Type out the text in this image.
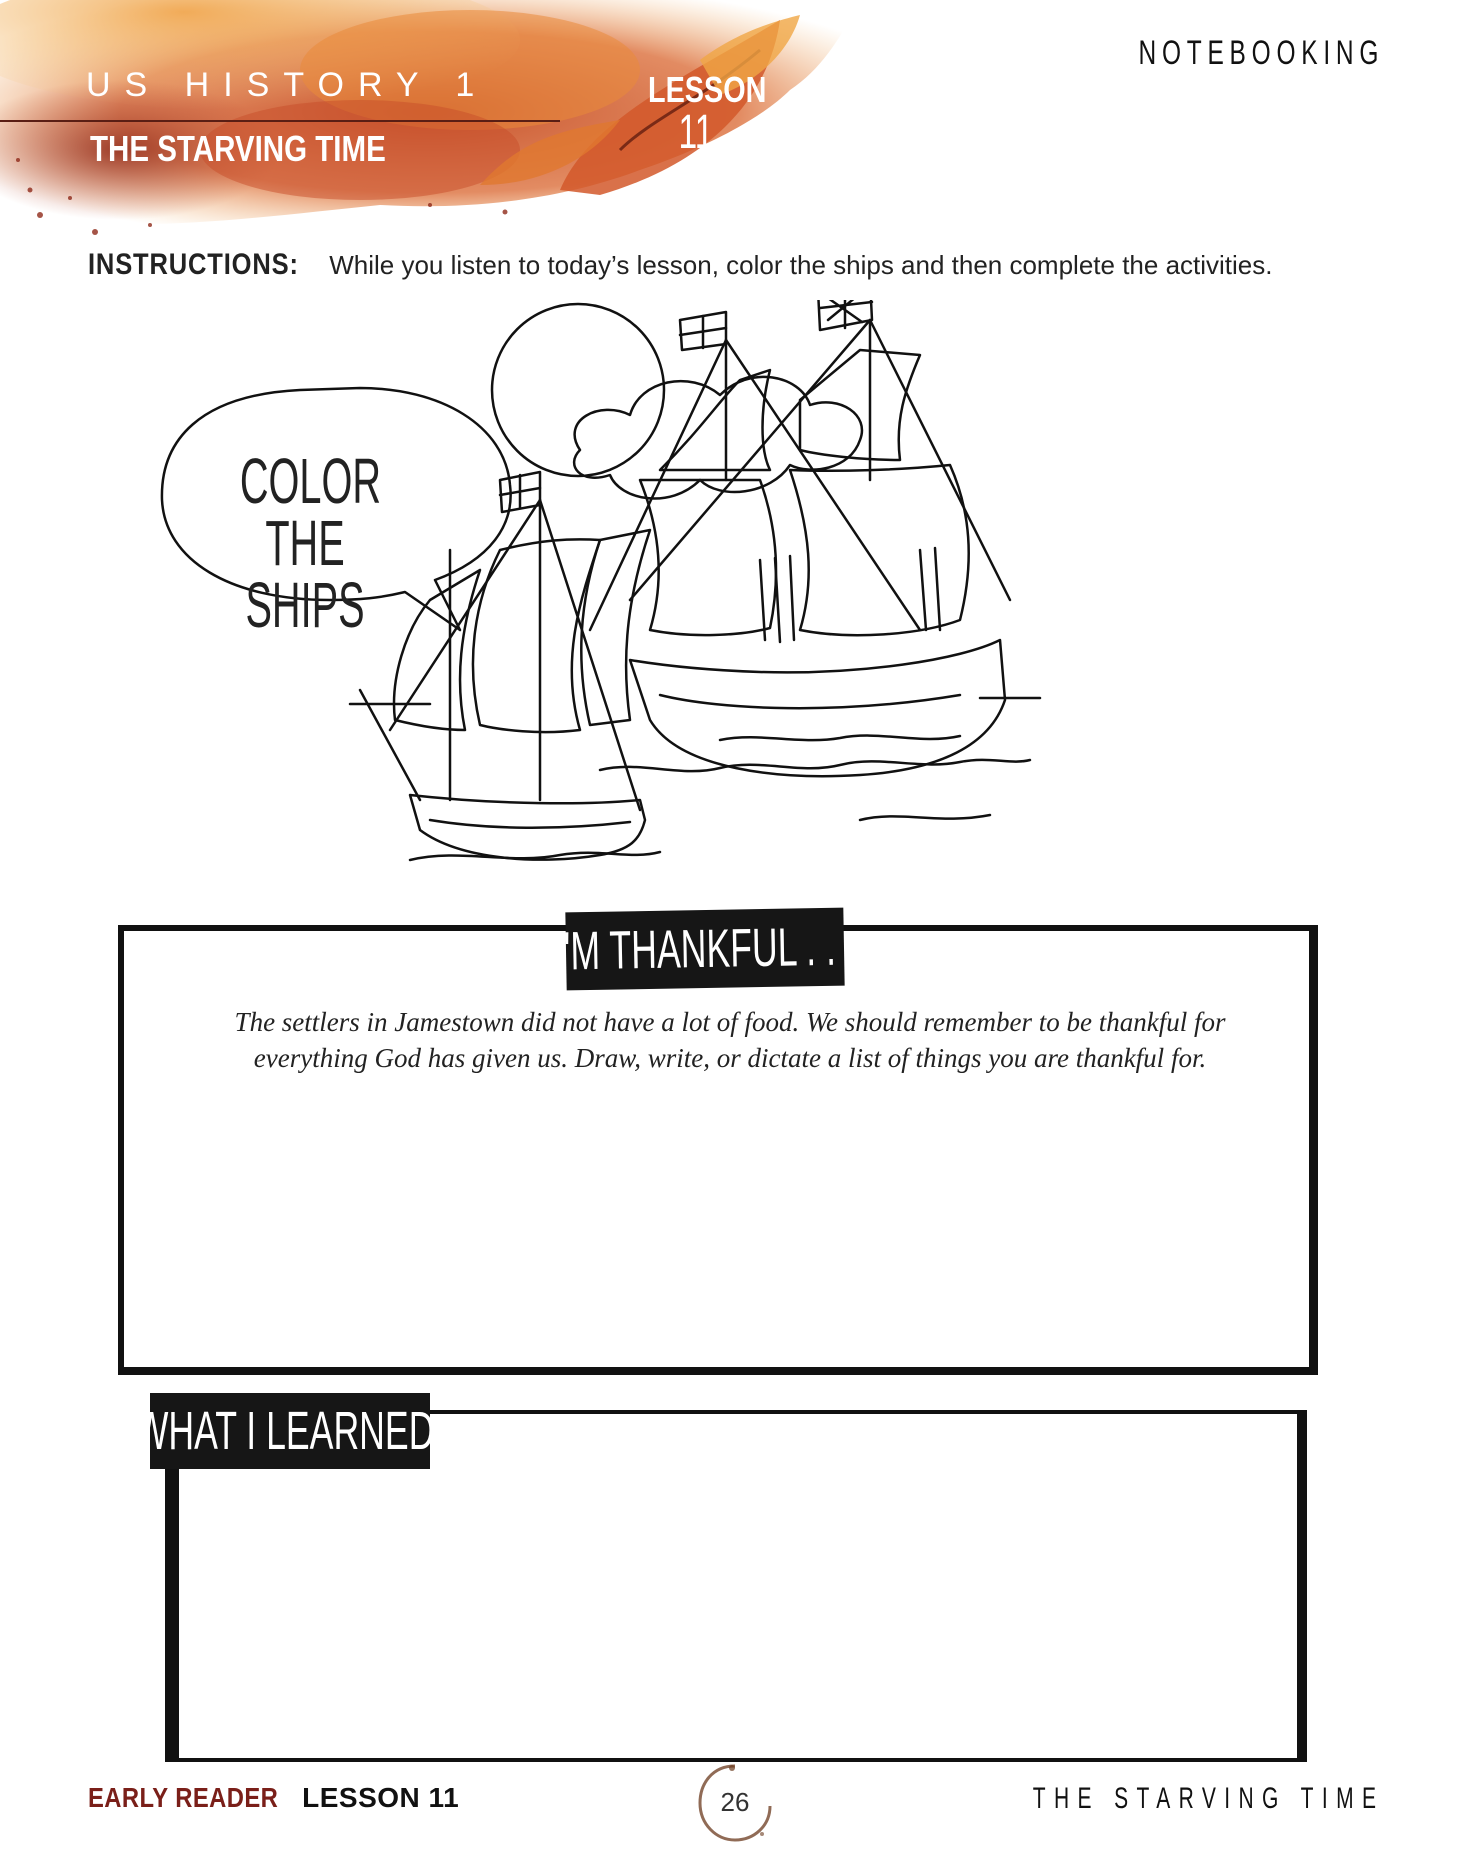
US HISTORY 1
THE STARVING TIME
LESSON
11
NOTEBOOKING
INSTRUCTIONS: While you listen to today’s lesson, color the ships and then complete the activities.
COLOR THE
SHIPS
I'M THANKFUL . . .
The settlers in Jamestown did not have a lot of food. We should remember to be thankful for
everything God has given us. Draw, write, or dictate a list of things you are thankful for.
WHAT I LEARNED:
EARLY READER LESSON 11	26	THE STARVING TIME
